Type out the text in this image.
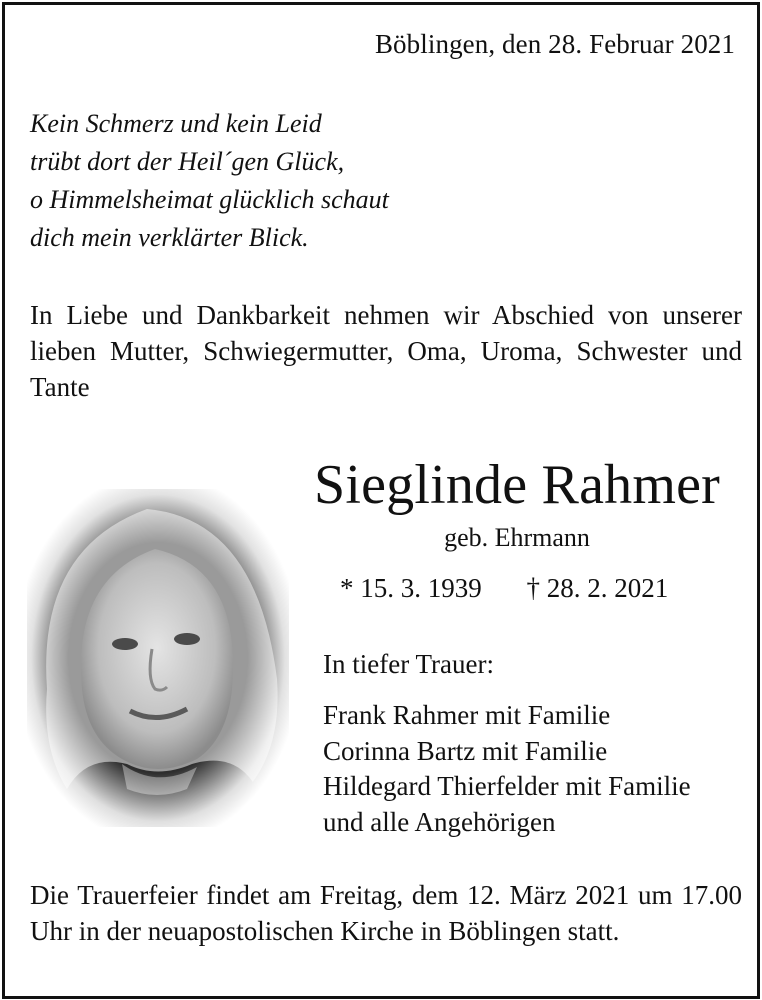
Böblingen, den 28. Februar 2021
Kein Schmerz und kein Leid
trübt dort der Heil´gen Glück,
o Himmelsheimat glücklich schaut
dich mein verklärter Blick.
In Liebe und Dankbarkeit nehmen wir Abschied von unserer lieben Mutter, Schwiegermutter, Oma, Uroma, Schwester und Tante
Sieglinde Rahmer
geb. Ehrmann
* 15. 3. 1939 † 28. 2. 2021
In tiefer Trauer:
Frank Rahmer mit Familie
Corinna Bartz mit Familie
Hildegard Thierfelder mit Familie
und alle Angehörigen
Die Trauerfeier findet am Freitag, dem 12. März 2021 um 17.00 Uhr in der neuapostolischen Kirche in Böblingen statt.
